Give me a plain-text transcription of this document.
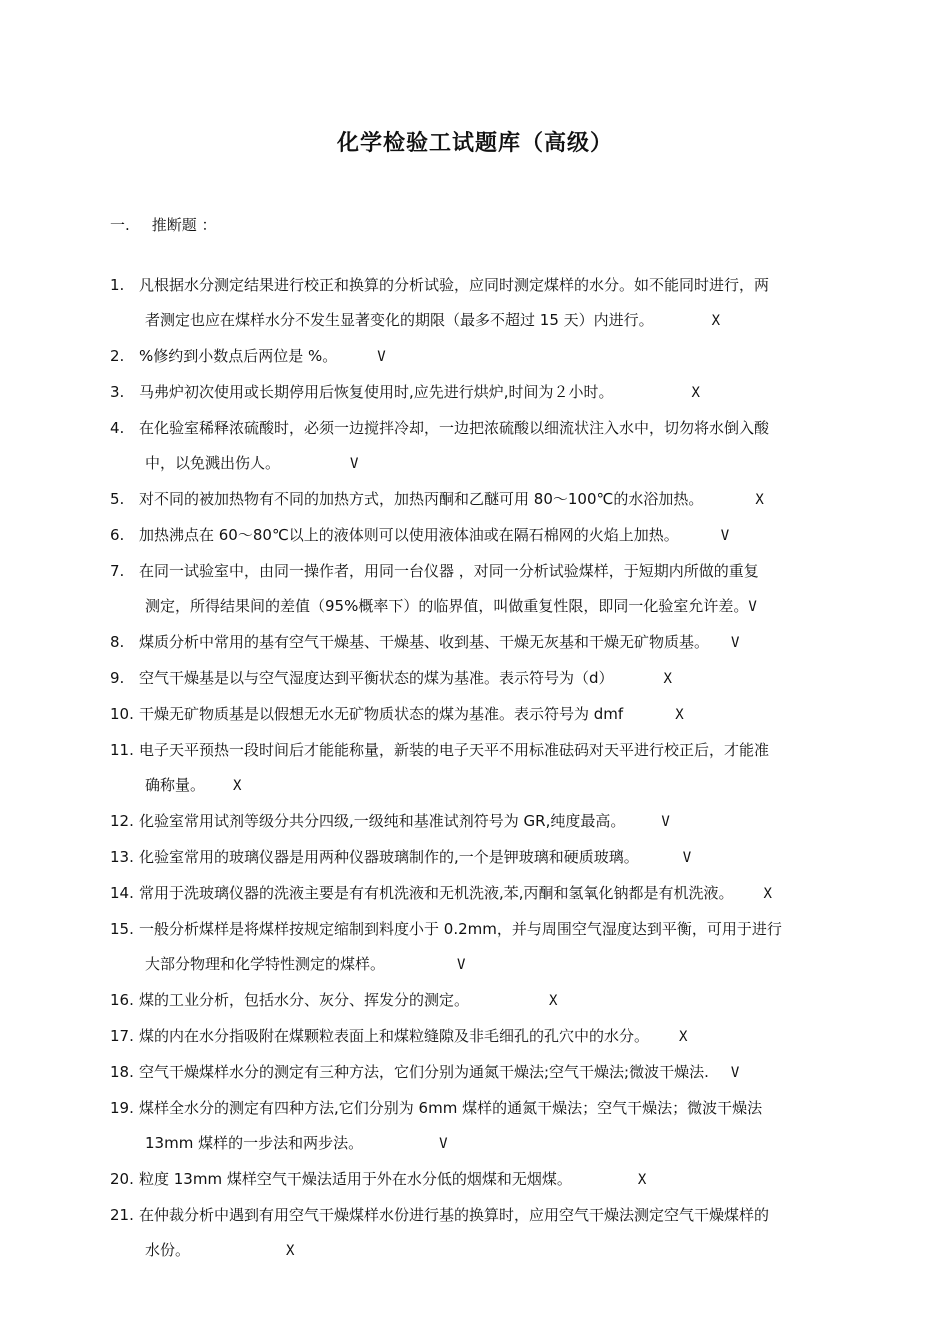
化学检验工试题库（高级）
一. 推断题 ：
1. 凡根据水分测定结果进行校正和换算的分析试验，应同时测定煤样的水分。如不能同时进行，两
者测定也应在煤样水分不发生显著变化的期限（最多不超过 15 天）内进行。	X
2. %修约到小数点后两位是 %。	V
3. 马弗炉初次使用或长期停用后恢复使用时,应先进行烘炉,时间为２小时。	X
4. 在化验室稀释浓硫酸时，必须一边搅拌冷却，一边把浓硫酸以细流状注入水中，切勿将水倒入酸
中，以免溅出伤人。	V
5. 对不同的被加热物有不同的加热方式，加热丙酮和乙醚可用 80～100℃的水浴加热。	X
6. 加热沸点在 60～80℃以上的液体则可以使用液体油或在隔石棉网的火焰上加热。	V
7. 在同一试验室中，由同一操作者，用同一台仪器 ，对同一分析试验煤样，于短期内所做的重复
测定，所得结果间的差值（95%概率下）的临界值，叫做重复性限，即同一化验室允许差。V
8. 煤质分析中常用的基有空气干燥基、干燥基、收到基、干燥无灰基和干燥无矿物质基。 V
9. 空气干燥基是以与空气湿度达到平衡状态的煤为基准。表示符号为（d）	X
10. 干燥无矿物质基是以假想无水无矿物质状态的煤为基准。表示符号为 dmf	X
11. 电子天平预热一段时间后才能能称量，新装的电子天平不用标准砝码对天平进行校正后，才能准
确称量。 X
12. 化验室常用试剂等级分共分四级,一级纯和基准试剂符号为 GR,纯度最高。	V
13. 化验室常用的玻璃仪器是用两种仪器玻璃制作的,一个是钾玻璃和硬质玻璃。	V
14. 常用于洗玻璃仪器的洗液主要是有有机洗液和无机洗液,苯,丙酮和氢氧化钠都是有机洗液。 X
15. 一般分析煤样是将煤样按规定缩制到料度小于 0.2mm，并与周围空气湿度达到平衡，可用于进行
大部分物理和化学特性测定的煤样。	V
16. 煤的工业分析，包括水分、灰分、挥发分的测定。	X
17. 煤的内在水分指吸附在煤颗粒表面上和煤粒缝隙及非毛细孔的孔穴中的水分。 X
18. 空气干燥煤样水分的测定有三种方法，它们分别为通氮干燥法;空气干燥法;微波干燥法. V
19. 煤样全水分的测定有四种方法,它们分别为 6mm 煤样的通氮干燥法；空气干燥法；微波干燥法
13mm 煤样的一步法和两步法。	V
20. 粒度 13mm 煤样空气干燥法适用于外在水分低的烟煤和无烟煤。	X
21. 在仲裁分析中遇到有用空气干燥煤样水份进行基的换算时，应用空气干燥法测定空气干燥煤样的
水份。	X
